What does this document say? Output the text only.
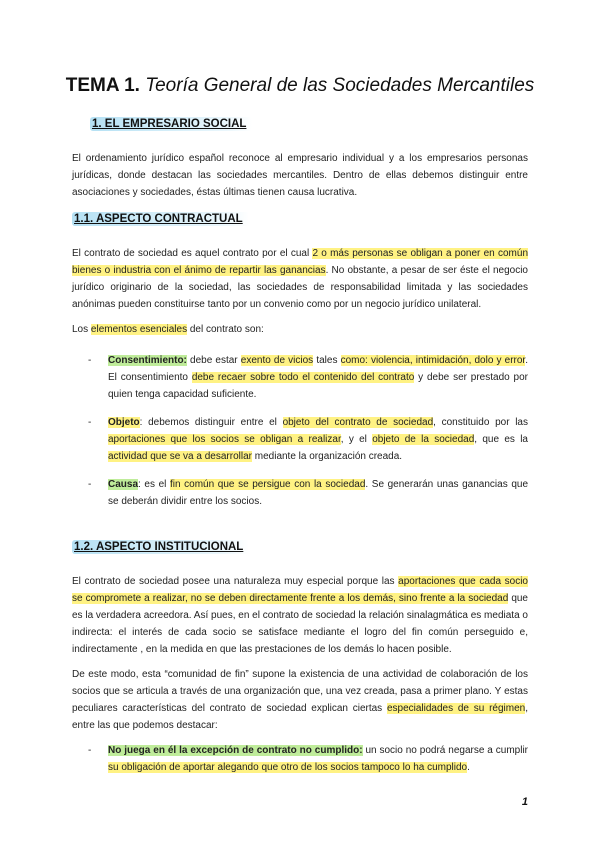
TEMA 1. Teoría General de las Sociedades Mercantiles
1. EL EMPRESARIO SOCIAL
El ordenamiento jurídico español reconoce al empresario individual y a los empresarios personas jurídicas, donde destacan las sociedades mercantiles. Dentro de ellas debemos distinguir entre asociaciones y sociedades, éstas últimas tienen causa lucrativa.
1.1. ASPECTO CONTRACTUAL
El contrato de sociedad es aquel contrato por el cual 2 o más personas se obligan a poner en común bienes o industria con el ánimo de repartir las ganancias. No obstante, a pesar de ser éste el negocio jurídico originario de la sociedad, las sociedades de responsabilidad limitada y las sociedades anónimas pueden constituirse tanto por un convenio como por un negocio jurídico unilateral.
Los elementos esenciales del contrato son:
- Consentimiento: debe estar exento de vicios tales como: violencia, intimidación, dolo y error. El consentimiento debe recaer sobre todo el contenido del contrato y debe ser prestado por quien tenga capacidad suficiente.
- Objeto: debemos distinguir entre el objeto del contrato de sociedad, constituido por las aportaciones que los socios se obligan a realizar, y el objeto de la sociedad, que es la actividad que se va a desarrollar mediante la organización creada.
- Causa: es el fin común que se persigue con la sociedad. Se generarán unas ganancias que se deberán dividir entre los socios.
1.2. ASPECTO INSTITUCIONAL
El contrato de sociedad posee una naturaleza muy especial porque las aportaciones que cada socio se compromete a realizar, no se deben directamente frente a los demás, sino frente a la sociedad que es la verdadera acreedora. Así pues, en el contrato de sociedad la relación sinalagmática es mediata o indirecta: el interés de cada socio se satisface mediante el logro del fin común perseguido e, indirectamente , en la medida en que las prestaciones de los demás lo hacen posible.
De este modo, esta “comunidad de fin” supone la existencia de una actividad de colaboración de los socios que se articula a través de una organización que, una vez creada, pasa a primer plano. Y estas peculiares características del contrato de sociedad explican ciertas especialidades de su régimen, entre las que podemos destacar:
- No juega en él la excepción de contrato no cumplido: un socio no podrá negarse a cumplir su obligación de aportar alegando que otro de los socios tampoco lo ha cumplido.
1
